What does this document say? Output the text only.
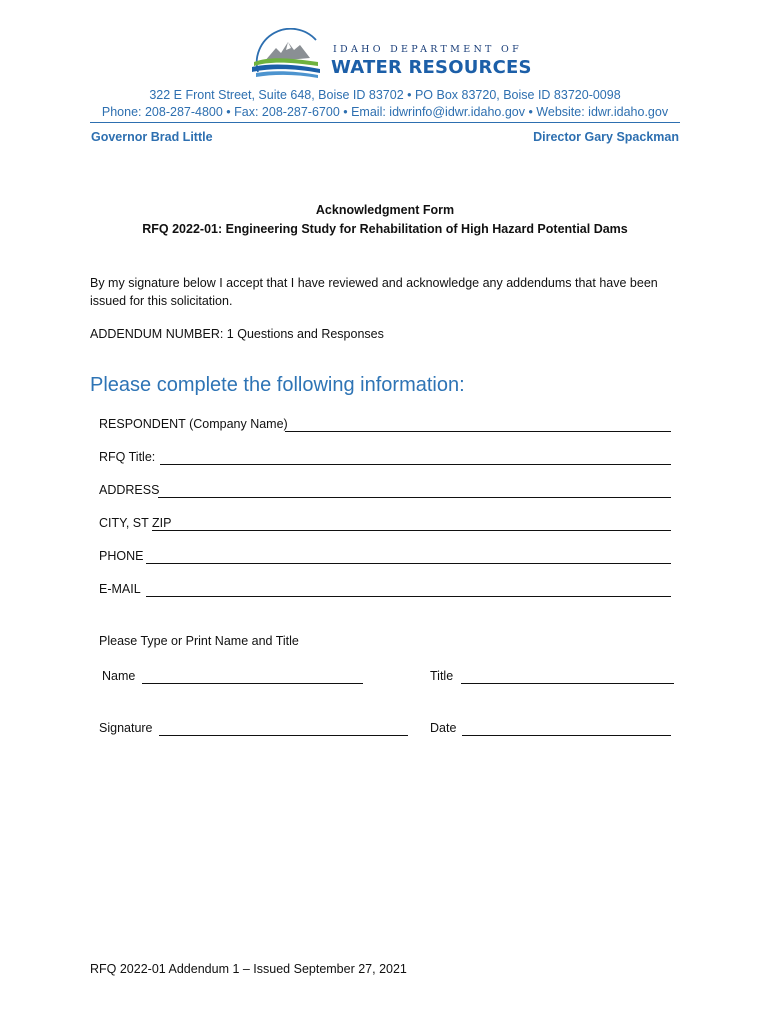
IDAHO DEPARTMENT OF
WATER RESOURCES
322 E Front Street, Suite 648, Boise ID 83702 • PO Box 83720, Boise ID 83720-0098
Phone: 208-287-4800 • Fax: 208-287-6700 • Email: idwrinfo@idwr.idaho.gov • Website: idwr.idaho.gov
Governor Brad Little	Director Gary Spackman
Acknowledgment Form
RFQ 2022-01: Engineering Study for Rehabilitation of High Hazard Potential Dams
By my signature below I accept that I have reviewed and acknowledge any addendums that have been issued for this solicitation.
ADDENDUM NUMBER: 1 Questions and Responses
Please complete the following information:
RESPONDENT (Company Name)
RFQ Title:
ADDRESS
CITY, ST ZIP
PHONE
E-MAIL
Please Type or Print Name and Title
Name	Title
Signature	Date
RFQ 2022-01 Addendum 1 – Issued September 27, 2021
